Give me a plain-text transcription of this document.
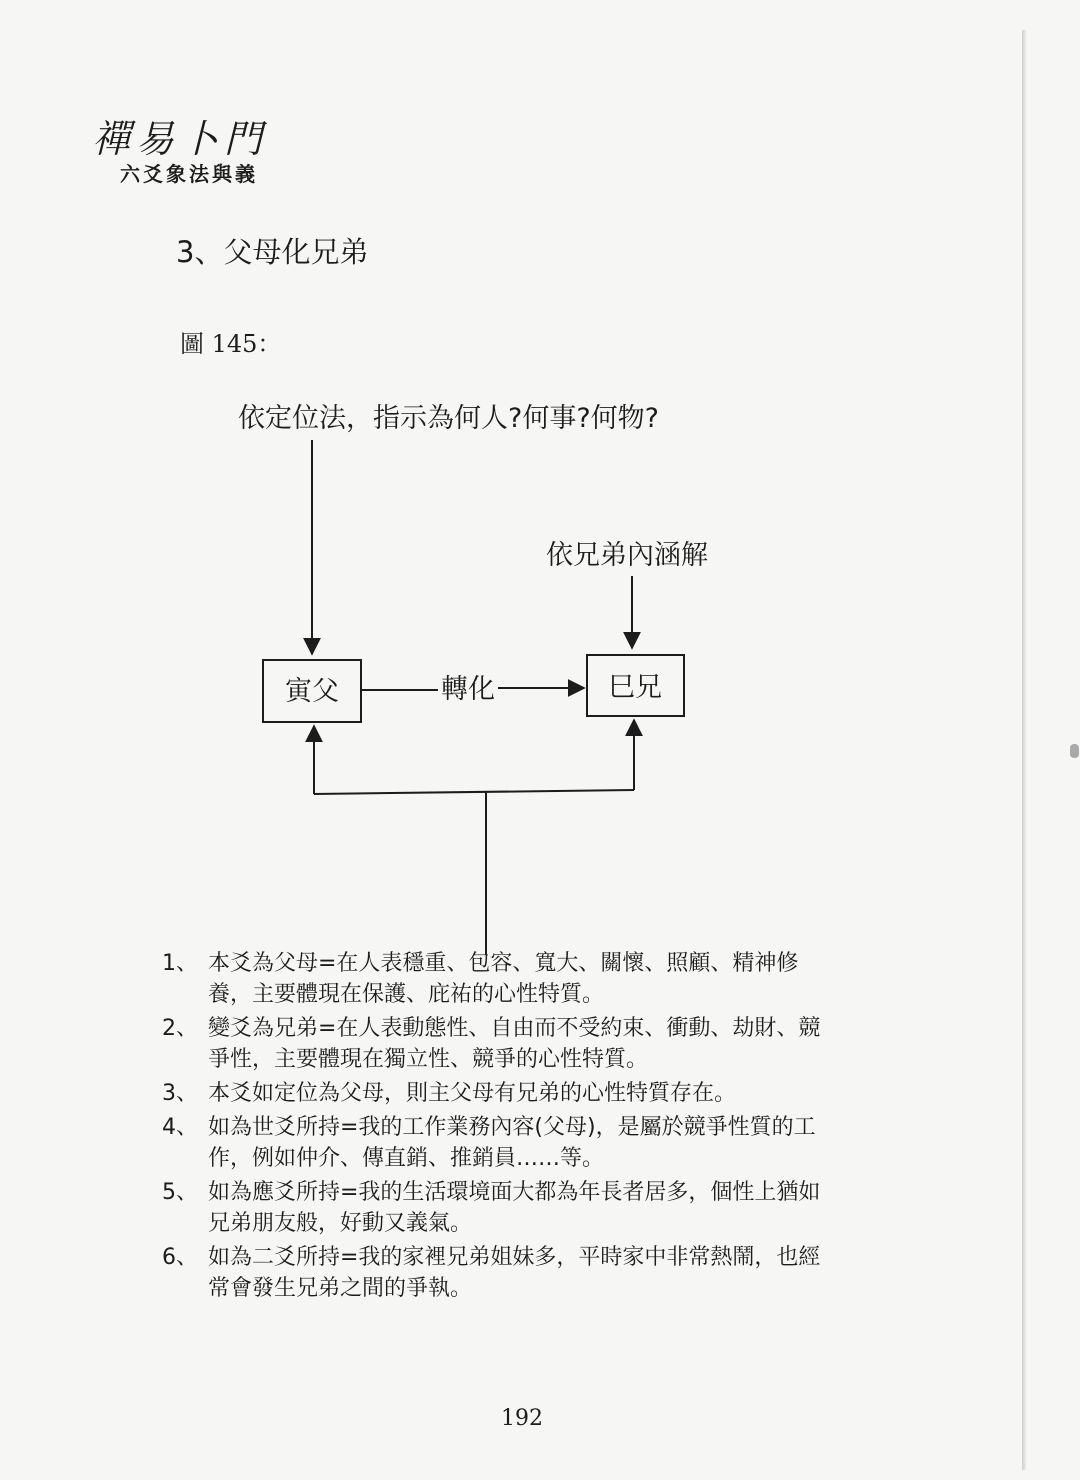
禪易卜門
六爻象法與義
3、父母化兄弟
圖 145：
依定位法，指示為何人?何事?何物?
依兄弟內涵解
寅父	巳兄
轉化
1、 本爻為父母=在人表穩重、包容、寬大、關懷、照顧、精神修養，主要體現在保護、庇祐的心性特質。
2、 變爻為兄弟=在人表動態性、自由而不受約束、衝動、劫財、競爭性，主要體現在獨立性、競爭的心性特質。
3、 本爻如定位為父母，則主父母有兄弟的心性特質存在。
4、 如為世爻所持=我的工作業務內容(父母)，是屬於競爭性質的工作，例如仲介、傳直銷、推銷員……等。
5、 如為應爻所持=我的生活環境面大都為年長者居多，個性上猶如兄弟朋友般，好動又義氣。
6、 如為二爻所持=我的家裡兄弟姐妹多，平時家中非常熱鬧，也經常會發生兄弟之間的爭執。
192
